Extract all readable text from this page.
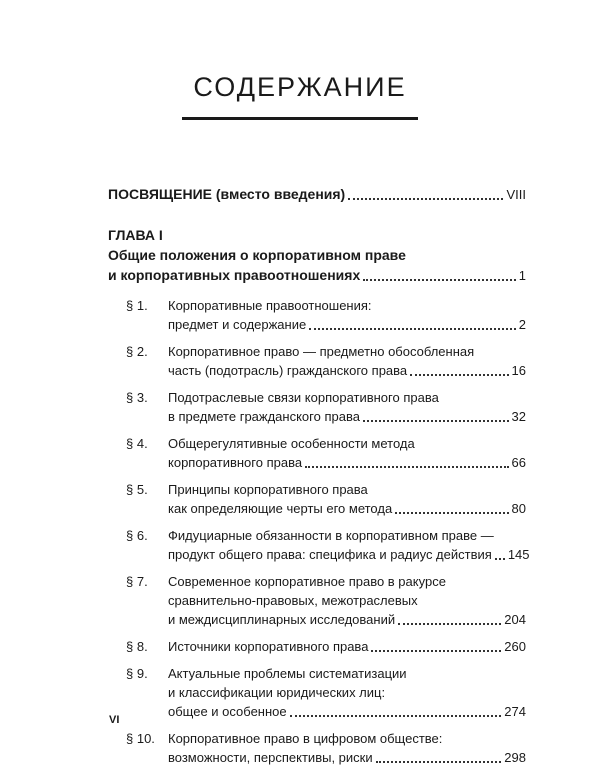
СОДЕРЖАНИЕ
ПОСВЯЩЕНИЕ (вместо введения)	VIII
ГЛАВА I
Общие положения о корпоративном праве
и корпоративных правоотношениях	1
§ 1. Корпоративные правоотношения:
предмет и содержание	2
§ 2. Корпоративное право — предметно обособленная
часть (подотрасль) гражданского права	16
§ 3. Подотраслевые связи корпоративного права
в предмете гражданского права	32
§ 4. Общерегулятивные особенности метода
корпоративного права	66
§ 5. Принципы корпоративного права
как определяющие черты его метода	80
§ 6. Фидуциарные обязанности в корпоративном праве —
продукт общего права: специфика и радиус действия 145
§ 7. Современное корпоративное право в ракурсе
сравнительно-правовых, межотраслевых
и междисциплинарных исследований	204
§ 8. Источники корпоративного права	260
§ 9. Актуальные проблемы систематизации
и классификации юридических лиц:
общее и особенное	274
§ 10. Корпоративное право в цифровом обществе:
возможности, перспективы, риски	298
VI
